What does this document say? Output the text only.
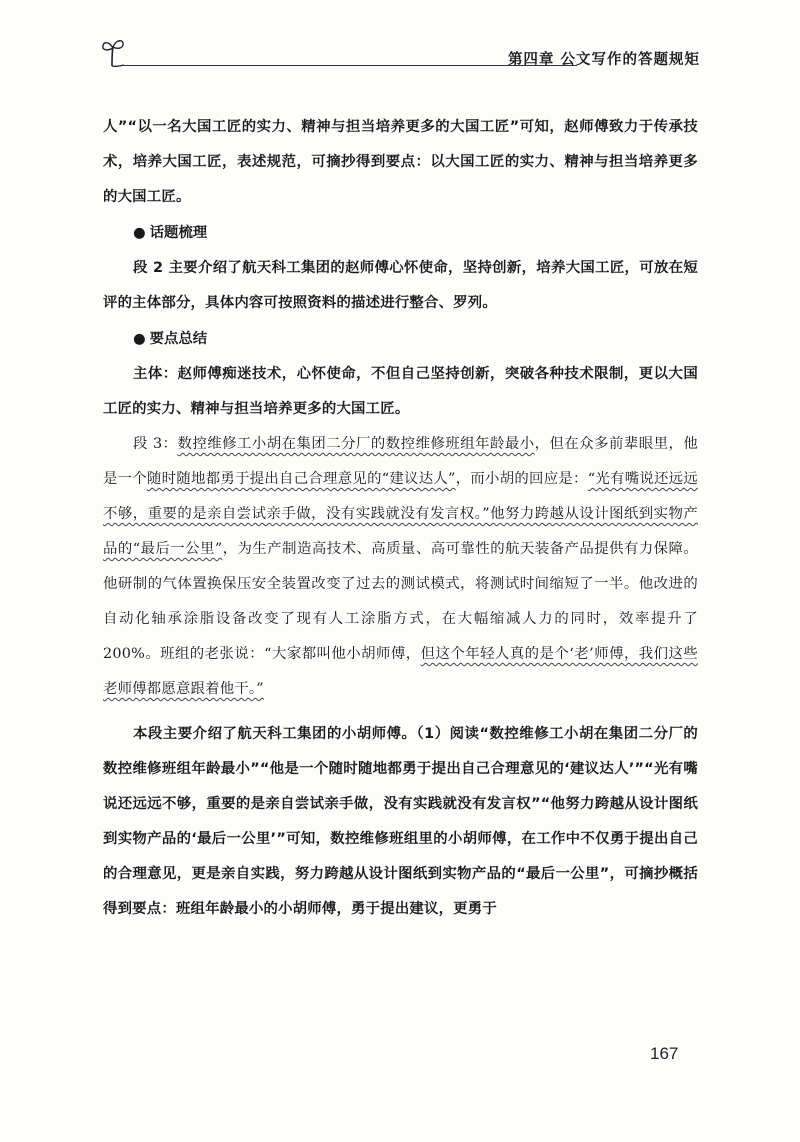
第四章 公文写作的答题规矩

人”“以一名大国工匠的实力、精神与担当培养更多的大国工匠”可知，赵师傅致力于传承技术，培养大国工匠，表述规范，可摘抄得到要点：以大国工匠的实力、精神与担当培养更多的大国工匠。

● 话题梳理

段 2 主要介绍了航天科工集团的赵师傅心怀使命，坚持创新，培养大国工匠，可放在短评的主体部分，具体内容可按照资料的描述进行整合、罗列。

● 要点总结

主体：赵师傅痴迷技术，心怀使命，不但自己坚持创新，突破各种技术限制，更以大国工匠的实力、精神与担当培养更多的大国工匠。

段 3：数控维修工小胡在集团二分厂的数控维修班组年龄最小，但在众多前辈眼里，他是一个随时随地都勇于提出自己合理意见的“建议达人”，而小胡的回应是：“光有嘴说还远远不够，重要的是亲自尝试亲手做，没有实践就没有发言权。”他努力跨越从设计图纸到实物产品的“最后一公里”，为生产制造高技术、高质量、高可靠性的航天装备产品提供有力保障。他研制的气体置换保压安全装置改变了过去的测试模式，将测试时间缩短了一半。他改进的自动化轴承涂脂设备改变了现有人工涂脂方式，在大幅缩减人力的同时，效率提升了 200%。班组的老张说：“大家都叫他小胡师傅，但这个年轻人真的是个‘老’师傅，我们这些老师傅都愿意跟着他干。”

本段主要介绍了航天科工集团的小胡师傅。（1）阅读“数控维修工小胡在集团二分厂的数控维修班组年龄最小”“他是一个随时随地都勇于提出自己合理意见的‘建议达人’”“光有嘴说还远远不够，重要的是亲自尝试亲手做，没有实践就没有发言权”“他努力跨越从设计图纸到实物产品的‘最后一公里’”可知，数控维修班组里的小胡师傅，在工作中不仅勇于提出自己的合理意见，更是亲自实践，努力跨越从设计图纸到实物产品的“最后一公里”，可摘抄概括得到要点：班组年龄最小的小胡师傅，勇于提出建议，更勇于

167
